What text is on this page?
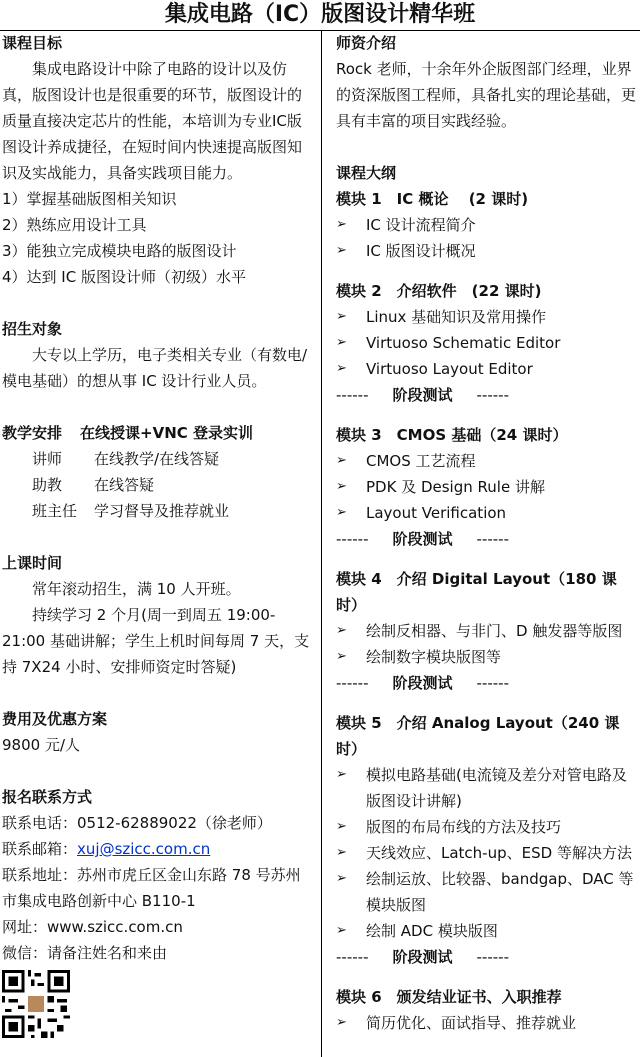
集成电路（IC）版图设计精华班
课程目标
集成电路设计中除了电路的设计以及仿真，版图设计也是很重要的环节，版图设计的质量直接决定芯片的性能，本培训为专业IC版图设计养成捷径，在短时间内快速提高版图知识及实战能力，具备实践项目能力。
1）掌握基础版图相关知识
2）熟练应用设计工具
3）能独立完成模块电路的版图设计
4）达到 IC 版图设计师（初级）水平
招生对象
大专以上学历，电子类相关专业（有数电/模电基础）的想从事 IC 设计行业人员。
教学安排 在线授课+VNC 登录实训
讲师	在线教学/在线答疑
助教	在线答疑
班主任	学习督导及推荐就业
上课时间
常年滚动招生，满 10 人开班。
持续学习 2 个月(周一到周五 19:00-21:00 基础讲解；学生上机时间每周 7 天，支持 7X24 小时、安排师资定时答疑)
费用及优惠方案
9800 元/人
报名联系方式
联系电话：0512-62889022（徐老师）
联系邮箱：xuj@szicc.com.cn
联系地址：苏州市虎丘区金山东路 78 号苏州市集成电路创新中心 B110-1
网址：www.szicc.com.cn
微信：请备注姓名和来由
师资介绍
Rock 老师，十余年外企版图部门经理，业界的资深版图工程师，具备扎实的理论基础，更具有丰富的项目实践经验。
课程大纲
模块 1　IC 概论　 (2 课时)
➢	IC 设计流程简介
➢	IC 版图设计概况
模块 2　介绍软件　(22 课时)
➢	Linux 基础知识及常用操作
➢	Virtuoso Schematic Editor
➢	Virtuoso Layout Editor
------ 阶段测试 ------
模块 3　CMOS 基础（24 课时）
➢	CMOS 工艺流程
➢	PDK 及 Design Rule 讲解
➢	Layout Verification
------ 阶段测试 ------
模块 4　介绍 Digital Layout（180 课时）
➢	绘制反相器、与非门、D 触发器等版图
➢	绘制数字模块版图等
------ 阶段测试 ------
模块 5　介绍 Analog Layout（240 课时）
➢	模拟电路基础(电流镜及差分对管电路及版图设计讲解)
➢	版图的布局布线的方法及技巧
➢	天线效应、Latch-up、ESD 等解决方法
➢	绘制运放、比较器、bandgap、DAC 等模块版图
➢	绘制 ADC 模块版图
------ 阶段测试 ------
模块 6　颁发结业证书、入职推荐
➢	简历优化、面试指导、推荐就业
